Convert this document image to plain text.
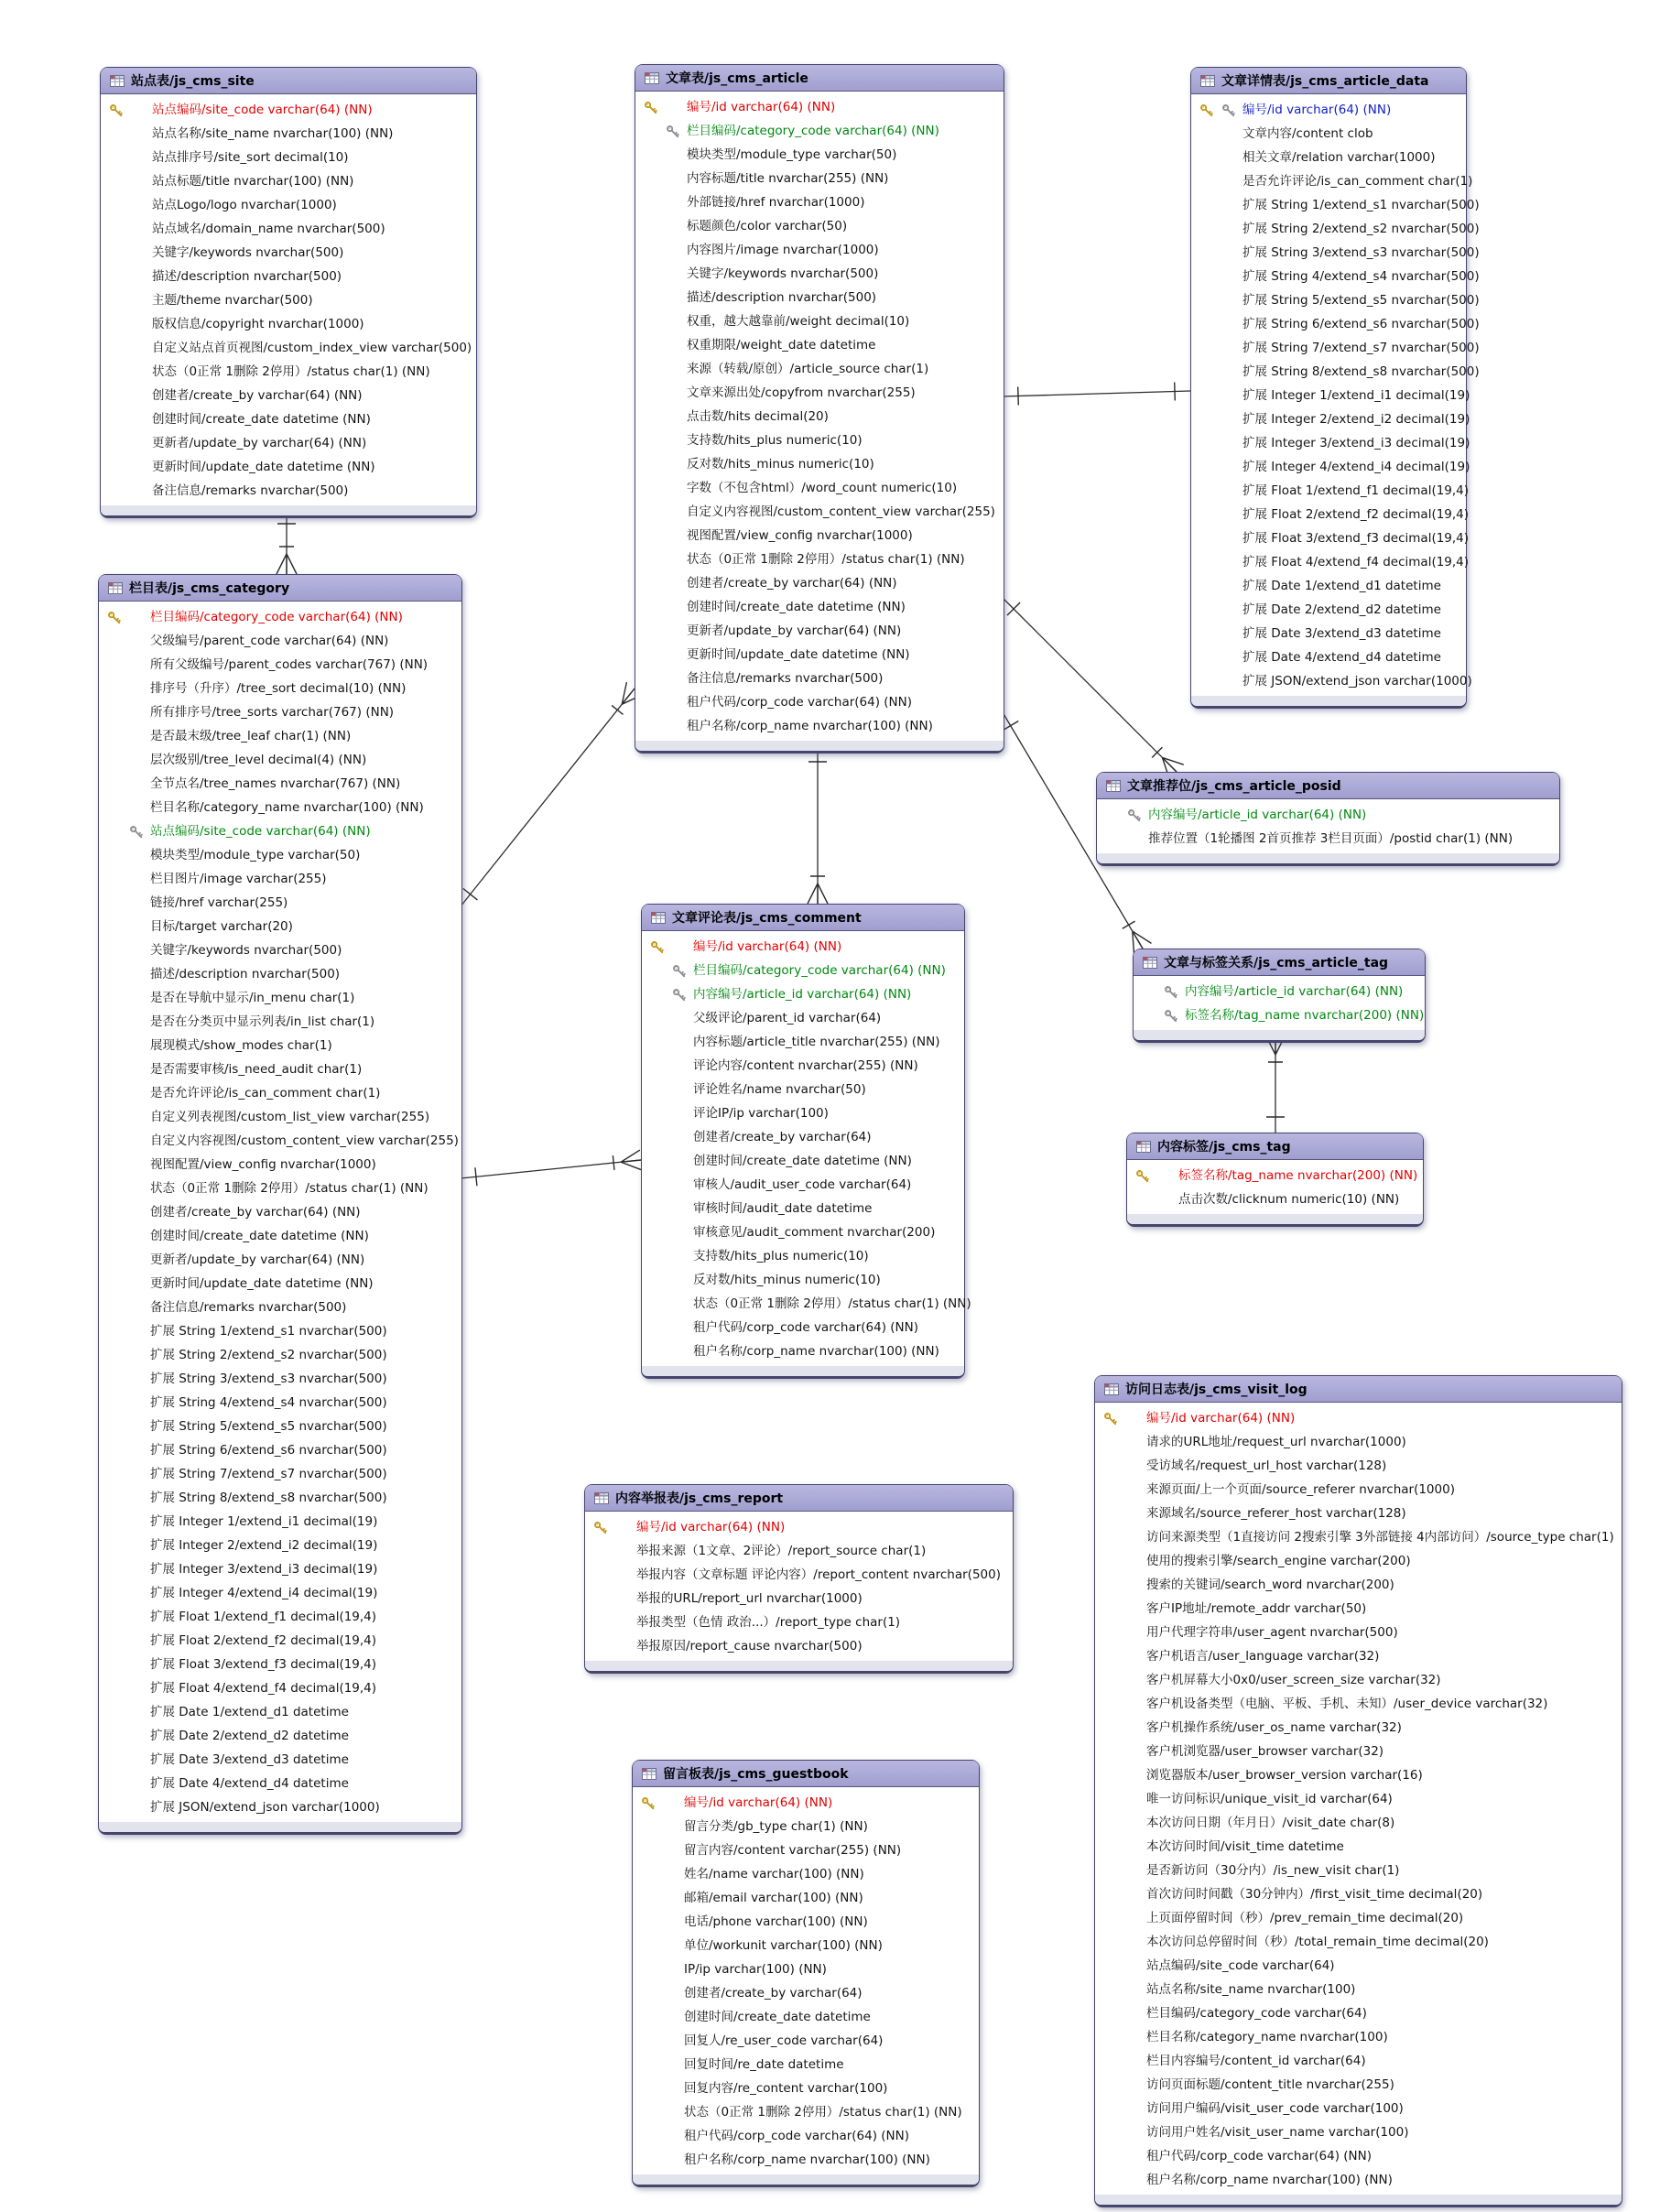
站点表/js_cms_site
站点编码/site_code varchar(64) (NN)
站点名称/site_name nvarchar(100) (NN)
站点排序号/site_sort decimal(10)
站点标题/title nvarchar(100) (NN)
站点Logo/logo nvarchar(1000)
站点域名/domain_name nvarchar(500)
关键字/keywords nvarchar(500)
描述/description nvarchar(500)
主题/theme nvarchar(500)
版权信息/copyright nvarchar(1000)
自定义站点首页视图/custom_index_view varchar(500)
状态（0正常 1删除 2停用）/status char(1) (NN)
创建者/create_by varchar(64) (NN)
创建时间/create_date datetime (NN)
更新者/update_by varchar(64) (NN)
更新时间/update_date datetime (NN)
备注信息/remarks nvarchar(500)
文章表/js_cms_article
编号/id varchar(64) (NN)
栏目编码/category_code varchar(64) (NN)
模块类型/module_type varchar(50)
内容标题/title nvarchar(255) (NN)
外部链接/href nvarchar(1000)
标题颜色/color varchar(50)
内容图片/image nvarchar(1000)
关键字/keywords nvarchar(500)
描述/description nvarchar(500)
权重，越大越靠前/weight decimal(10)
权重期限/weight_date datetime
来源（转载/原创）/article_source char(1)
文章来源出处/copyfrom nvarchar(255)
点击数/hits decimal(20)
支持数/hits_plus numeric(10)
反对数/hits_minus numeric(10)
字数（不包含html）/word_count numeric(10)
自定义内容视图/custom_content_view varchar(255)
视图配置/view_config nvarchar(1000)
状态（0正常 1删除 2停用）/status char(1) (NN)
创建者/create_by varchar(64) (NN)
创建时间/create_date datetime (NN)
更新者/update_by varchar(64) (NN)
更新时间/update_date datetime (NN)
备注信息/remarks nvarchar(500)
租户代码/corp_code varchar(64) (NN)
租户名称/corp_name nvarchar(100) (NN)
文章详情表/js_cms_article_data
编号/id varchar(64) (NN)
文章内容/content clob
相关文章/relation varchar(1000)
是否允许评论/is_can_comment char(1)
扩展 String 1/extend_s1 nvarchar(500)
扩展 String 2/extend_s2 nvarchar(500)
扩展 String 3/extend_s3 nvarchar(500)
扩展 String 4/extend_s4 nvarchar(500)
扩展 String 5/extend_s5 nvarchar(500)
扩展 String 6/extend_s6 nvarchar(500)
扩展 String 7/extend_s7 nvarchar(500)
扩展 String 8/extend_s8 nvarchar(500)
扩展 Integer 1/extend_i1 decimal(19)
扩展 Integer 2/extend_i2 decimal(19)
扩展 Integer 3/extend_i3 decimal(19)
扩展 Integer 4/extend_i4 decimal(19)
扩展 Float 1/extend_f1 decimal(19,4)
扩展 Float 2/extend_f2 decimal(19,4)
扩展 Float 3/extend_f3 decimal(19,4)
扩展 Float 4/extend_f4 decimal(19,4)
扩展 Date 1/extend_d1 datetime
扩展 Date 2/extend_d2 datetime
扩展 Date 3/extend_d3 datetime
扩展 Date 4/extend_d4 datetime
扩展 JSON/extend_json varchar(1000)
栏目表/js_cms_category
栏目编码/category_code varchar(64) (NN)
父级编号/parent_code varchar(64) (NN)
所有父级编号/parent_codes varchar(767) (NN)
排序号（升序）/tree_sort decimal(10) (NN)
所有排序号/tree_sorts varchar(767) (NN)
是否最末级/tree_leaf char(1) (NN)
层次级别/tree_level decimal(4) (NN)
全节点名/tree_names nvarchar(767) (NN)
栏目名称/category_name nvarchar(100) (NN)
站点编码/site_code varchar(64) (NN)
模块类型/module_type varchar(50)
栏目图片/image varchar(255)
链接/href varchar(255)
目标/target varchar(20)
关键字/keywords nvarchar(500)
描述/description nvarchar(500)
是否在导航中显示/in_menu char(1)
是否在分类页中显示列表/in_list char(1)
展现模式/show_modes char(1)
是否需要审核/is_need_audit char(1)
是否允许评论/is_can_comment char(1)
自定义列表视图/custom_list_view varchar(255)
自定义内容视图/custom_content_view varchar(255)
视图配置/view_config nvarchar(1000)
状态（0正常 1删除 2停用）/status char(1) (NN)
创建者/create_by varchar(64) (NN)
创建时间/create_date datetime (NN)
更新者/update_by varchar(64) (NN)
更新时间/update_date datetime (NN)
备注信息/remarks nvarchar(500)
扩展 String 1/extend_s1 nvarchar(500)
扩展 String 2/extend_s2 nvarchar(500)
扩展 String 3/extend_s3 nvarchar(500)
扩展 String 4/extend_s4 nvarchar(500)
扩展 String 5/extend_s5 nvarchar(500)
扩展 String 6/extend_s6 nvarchar(500)
扩展 String 7/extend_s7 nvarchar(500)
扩展 String 8/extend_s8 nvarchar(500)
扩展 Integer 1/extend_i1 decimal(19)
扩展 Integer 2/extend_i2 decimal(19)
扩展 Integer 3/extend_i3 decimal(19)
扩展 Integer 4/extend_i4 decimal(19)
扩展 Float 1/extend_f1 decimal(19,4)
扩展 Float 2/extend_f2 decimal(19,4)
扩展 Float 3/extend_f3 decimal(19,4)
扩展 Float 4/extend_f4 decimal(19,4)
扩展 Date 1/extend_d1 datetime
扩展 Date 2/extend_d2 datetime
扩展 Date 3/extend_d3 datetime
扩展 Date 4/extend_d4 datetime
扩展 JSON/extend_json varchar(1000)
文章评论表/js_cms_comment
编号/id varchar(64) (NN)
栏目编码/category_code varchar(64) (NN)
内容编号/article_id varchar(64) (NN)
父级评论/parent_id varchar(64)
内容标题/article_title nvarchar(255) (NN)
评论内容/content nvarchar(255) (NN)
评论姓名/name nvarchar(50)
评论IP/ip varchar(100)
创建者/create_by varchar(64)
创建时间/create_date datetime (NN)
审核人/audit_user_code varchar(64)
审核时间/audit_date datetime
审核意见/audit_comment nvarchar(200)
支持数/hits_plus numeric(10)
反对数/hits_minus numeric(10)
状态（0正常 1删除 2停用）/status char(1) (NN)
租户代码/corp_code varchar(64) (NN)
租户名称/corp_name nvarchar(100) (NN)
文章推荐位/js_cms_article_posid
内容编号/article_id varchar(64) (NN)
推荐位置（1轮播图 2首页推荐 3栏目页面）/postid char(1) (NN)
文章与标签关系/js_cms_article_tag
内容编号/article_id varchar(64) (NN)
标签名称/tag_name nvarchar(200) (NN)
内容标签/js_cms_tag
标签名称/tag_name nvarchar(200) (NN)
点击次数/clicknum numeric(10) (NN)
内容举报表/js_cms_report
编号/id varchar(64) (NN)
举报来源（1文章、2评论）/report_source char(1)
举报内容（文章标题 评论内容）/report_content nvarchar(500)
举报的URL/report_url nvarchar(1000)
举报类型（色情 政治...）/report_type char(1)
举报原因/report_cause nvarchar(500)
留言板表/js_cms_guestbook
编号/id varchar(64) (NN)
留言分类/gb_type char(1) (NN)
留言内容/content varchar(255) (NN)
姓名/name varchar(100) (NN)
邮箱/email varchar(100) (NN)
电话/phone varchar(100) (NN)
单位/workunit varchar(100) (NN)
IP/ip varchar(100) (NN)
创建者/create_by varchar(64)
创建时间/create_date datetime
回复人/re_user_code varchar(64)
回复时间/re_date datetime
回复内容/re_content varchar(100)
状态（0正常 1删除 2停用）/status char(1) (NN)
租户代码/corp_code varchar(64) (NN)
租户名称/corp_name nvarchar(100) (NN)
访问日志表/js_cms_visit_log
编号/id varchar(64) (NN)
请求的URL地址/request_url nvarchar(1000)
受访域名/request_url_host varchar(128)
来源页面/上一个页面/source_referer nvarchar(1000)
来源域名/source_referer_host varchar(128)
访问来源类型（1直接访问 2搜索引擎 3外部链接 4内部访问）/source_type char(1)
使用的搜索引擎/search_engine varchar(200)
搜索的关键词/search_word nvarchar(200)
客户IP地址/remote_addr varchar(50)
用户代理字符串/user_agent nvarchar(500)
客户机语言/user_language varchar(32)
客户机屏幕大小0x0/user_screen_size varchar(32)
客户机设备类型（电脑、平板、手机、未知）/user_device varchar(32)
客户机操作系统/user_os_name varchar(32)
客户机浏览器/user_browser varchar(32)
浏览器版本/user_browser_version varchar(16)
唯一访问标识/unique_visit_id varchar(64)
本次访问日期（年月日）/visit_date char(8)
本次访问时间/visit_time datetime
是否新访问（30分内）/is_new_visit char(1)
首次访问时间戳（30分钟内）/first_visit_time decimal(20)
上页面停留时间（秒）/prev_remain_time decimal(20)
本次访问总停留时间（秒）/total_remain_time decimal(20)
站点编码/site_code varchar(64)
站点名称/site_name nvarchar(100)
栏目编码/category_code varchar(64)
栏目名称/category_name nvarchar(100)
栏目内容编号/content_id varchar(64)
访问页面标题/content_title nvarchar(255)
访问用户编码/visit_user_code varchar(100)
访问用户姓名/visit_user_name varchar(100)
租户代码/corp_code varchar(64) (NN)
租户名称/corp_name nvarchar(100) (NN)
